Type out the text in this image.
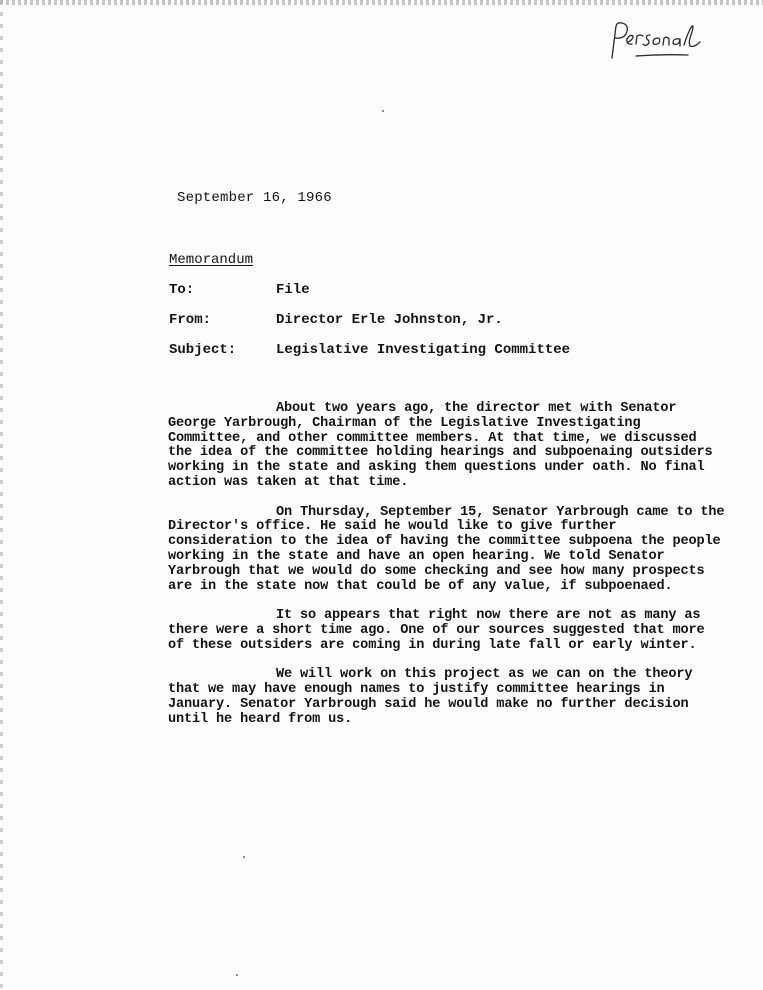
September 16, 1966
Memorandum
To:	File
From:	Director Erle Johnston, Jr.
Subject:	Legislative Investigating Committee

About two years ago, the director met with Senator George Yarbrough, Chairman of the Legislative Investigating Committee, and other committee members. At that time, we discussed the idea of the committee holding hearings and subpoenaing outsiders working in the state and asking them questions under oath. No final action was taken at that time.

On Thursday, September 15, Senator Yarbrough came to the Director's office. He said he would like to give further consideration to the idea of having the committee subpoena the people working in the state and have an open hearing. We told Senator Yarbrough that we would do some checking and see how many prospects are in the state now that could be of any value, if subpoenaed.

It so appears that right now there are not as many as there were a short time ago. One of our sources suggested that more of these outsiders are coming in during late fall or early winter.

We will work on this project as we can on the theory that we may have enough names to justify committee hearings in January. Senator Yarbrough said he would make no further decision until he heard from us.
